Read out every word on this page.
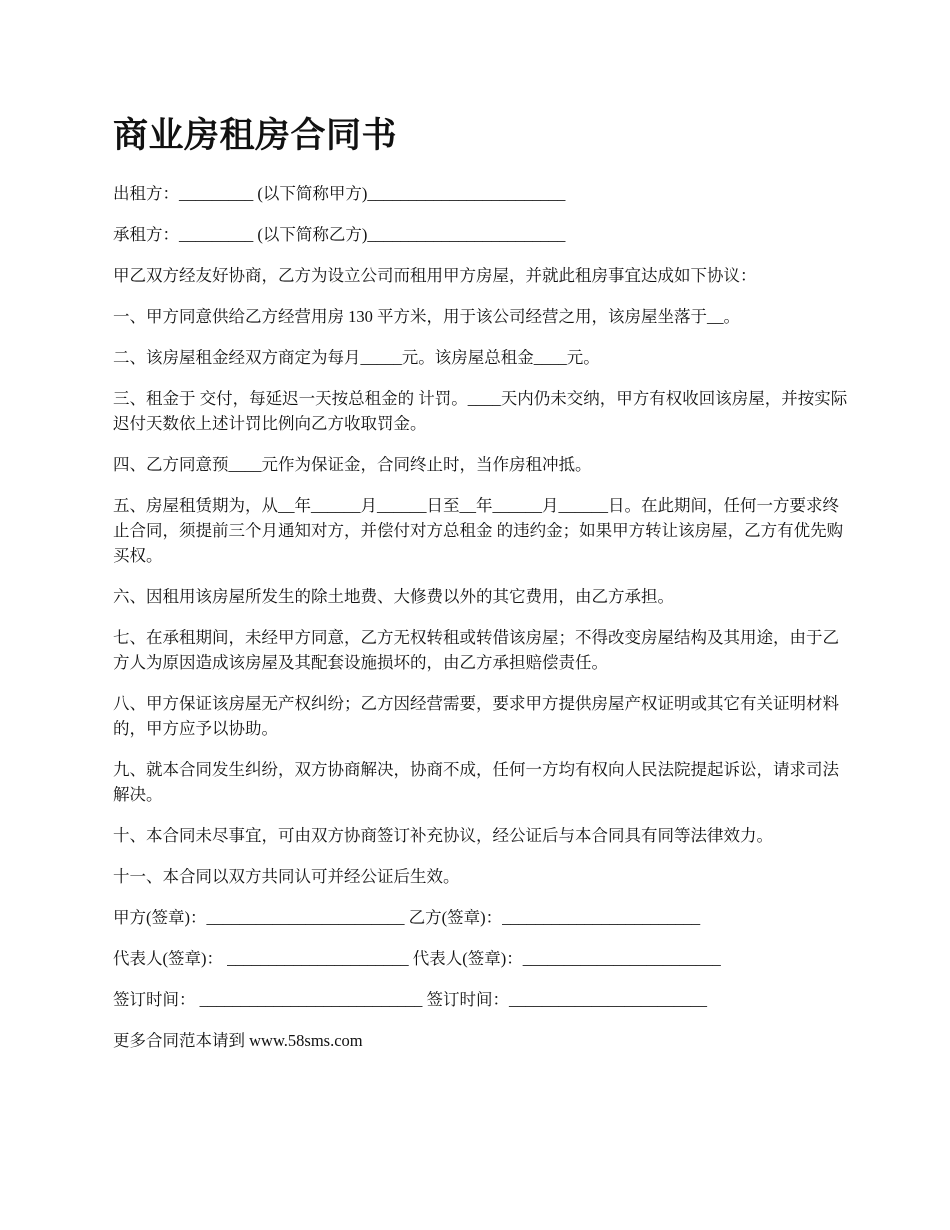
商业房租房合同书

出租方：_________ (以下简称甲方)________________________

承租方：_________ (以下简称乙方)________________________

甲乙双方经友好协商，乙方为设立公司而租用甲方房屋，并就此租房事宜达成如下协议：

一、甲方同意供给乙方经营用房 130 平方米，用于该公司经营之用，该房屋坐落于__。

二、该房屋租金经双方商定为每月_____元。该房屋总租金____元。

三、租金于 交付，每延迟一天按总租金的 计罚。____天内仍未交纳，甲方有权收回该房屋，并按实际迟付天数依上述计罚比例向乙方收取罚金。

四、乙方同意预____元作为保证金，合同终止时，当作房租冲抵。

五、房屋租赁期为，从__年______月______日至__年______月______日。在此期间，任何一方要求终止合同，须提前三个月通知对方，并偿付对方总租金 的违约金；如果甲方转让该房屋，乙方有优先购买权。

六、因租用该房屋所发生的除土地费、大修费以外的其它费用，由乙方承担。

七、在承租期间，未经甲方同意，乙方无权转租或转借该房屋；不得改变房屋结构及其用途，由于乙方人为原因造成该房屋及其配套设施损坏的，由乙方承担赔偿责任。

八、甲方保证该房屋无产权纠纷；乙方因经营需要，要求甲方提供房屋产权证明或其它有关证明材料的，甲方应予以协助。

九、就本合同发生纠纷，双方协商解决，协商不成，任何一方均有权向人民法院提起诉讼，请求司法解决。

十、本合同未尽事宜，可由双方协商签订补充协议，经公证后与本合同具有同等法律效力。

十一、本合同以双方共同认可并经公证后生效。

甲方(签章)：________________________ 乙方(签章)：________________________

代表人(签章)： ______________________ 代表人(签章)：________________________

签订时间： ___________________________ 签订时间：________________________

更多合同范本请到 www.58sms.com
